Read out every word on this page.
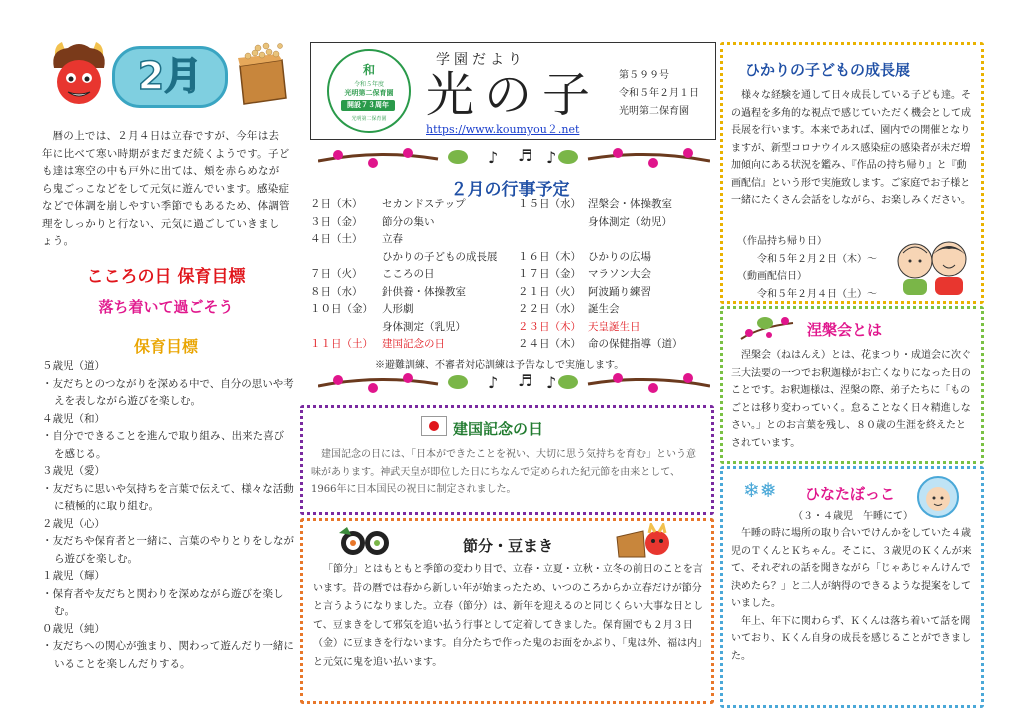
2月
暦の上では、２月４日は立春ですが、今年は去年に比べて寒い時期がまだまだ続くようです。子ども達は寒空の中も戸外に出ては、頬を赤らめながら鬼ごっこなどをして元気に遊んでいます。感染症などで体調を崩しやすい季節でもあるため、体調管理をしっかりと行ない、元気に過ごしていきましょう。
こころの日 保育目標
落ち着いて過ごそう
保育目標
５歳児（道）
・友だちとのつながりを深める中で、自分の思いや考えを表しながら遊びを楽しむ。
４歳児（和）
・自分でできることを進んで取り組み、出来た喜びを感じる。
３歳児（愛）
・友だちに思いや気持ちを言葉で伝えて、様々な活動に積極的に取り組む。
２歳児（心）
・友だちや保育者と一緒に、言葉のやりとりをしながら遊びを楽しむ。
１歳児（輝）
・保育者や友だちと関わりを深めながら遊びを楽しむ。
０歳児（純）
・友だちへの関心が強まり、関わって遊んだり一緒にいることを楽しんだりする。
和
令和５年度
光明第二保育園
開設７３周年
光明第二保育園
学園だより
光の子
https://www.koumyou２.net
第５９９号
令和５年２月１日
光明第二保育園
♪ ♬ ♪
♪ ♬ ♪
２月の行事予定
２日（木） セカンドステップ
３日（金） 節分の集い
４日（土） 立春
ひかりの子どもの成長展
７日（火） こころの日
８日（水） 針供養・体操教室
１０日（金） 人形劇
身体測定（乳児）
１１日（土） 建国記念の日
１５日（水） 涅槃会・体操教室
身体測定（幼児）
１６日（木） ひかりの広場
１７日（金） マラソン大会
２１日（火） 阿波踊り練習
２２日（水） 誕生会
２３日（木） 天皇誕生日
２４日（木） 命の保健指導（道）
※避難訓練、不審者対応訓練は予告なしで実施します。
建国記念の日
建国記念の日には、「日本ができたことを祝い、大切に思う気持ちを育む」という意味があります。神武天皇が即位した日にちなんで定められた紀元節を由来として、1966年に日本国民の祝日に制定されました。
節分・豆まき
「節分」とはもともと季節の変わり目で、立春・立夏・立秋・立冬の前日のことを言います。昔の暦では春から新しい年が始まったため、いつのころからか立春だけが節分と言うようになりました。立春（節分）は、新年を迎えるのと同じくらい大事な日として、豆まきをして邪気を追い払う行事として定着してきました。保育園でも２月３日（金）に豆まきを行ないます。自分たちで作った鬼のお面をかぶり、「鬼は外、福は内」と元気に鬼を追い払います。
ひかりの子どもの成長展
様々な経験を通して日々成長している子ども達。その過程を多角的な視点で感じていただく機会として成長展を行います。本来であれば、園内での開催となりますが、新型コロナウイルス感染症の感染者が未だ増加傾向にある状況を鑑み、『作品の持ち帰り』と『動画配信』という形で実施致します。ご家庭でお子様と一緒にたくさん会話をしながら、お楽しみください。
（作品持ち帰り日）
令和５年２月２日（木）～
（動画配信日）
令和５年２月４日（土）～
涅槃会とは
涅槃会（ねはんえ）とは、花まつり・成道会に次ぐ三大法要の一つでお釈迦様がお亡くなりになった日のことです。お釈迦様は、涅槃の際、弟子たちに「ものごとは移り変わっていく。怠ることなく日々精進しなさい。」とのお言葉を残し、８０歳の生涯を終えたとされています。
❄❅ ひなたぼっこ
（３・４歳児　午睡にて）
午睡の時に場所の取り合いでけんかをしていた４歳児のＴくんとＫちゃん。そこに、３歳児のＫくんが来て、それぞれの話を聞きながら「じゃあじゃんけんで決めたら？」と二人が納得のできるような提案をしていました。
年上、年下に関わらず、Ｋくんは落ち着いて話を聞いており、Ｋくん自身の成長を感じることができました。
